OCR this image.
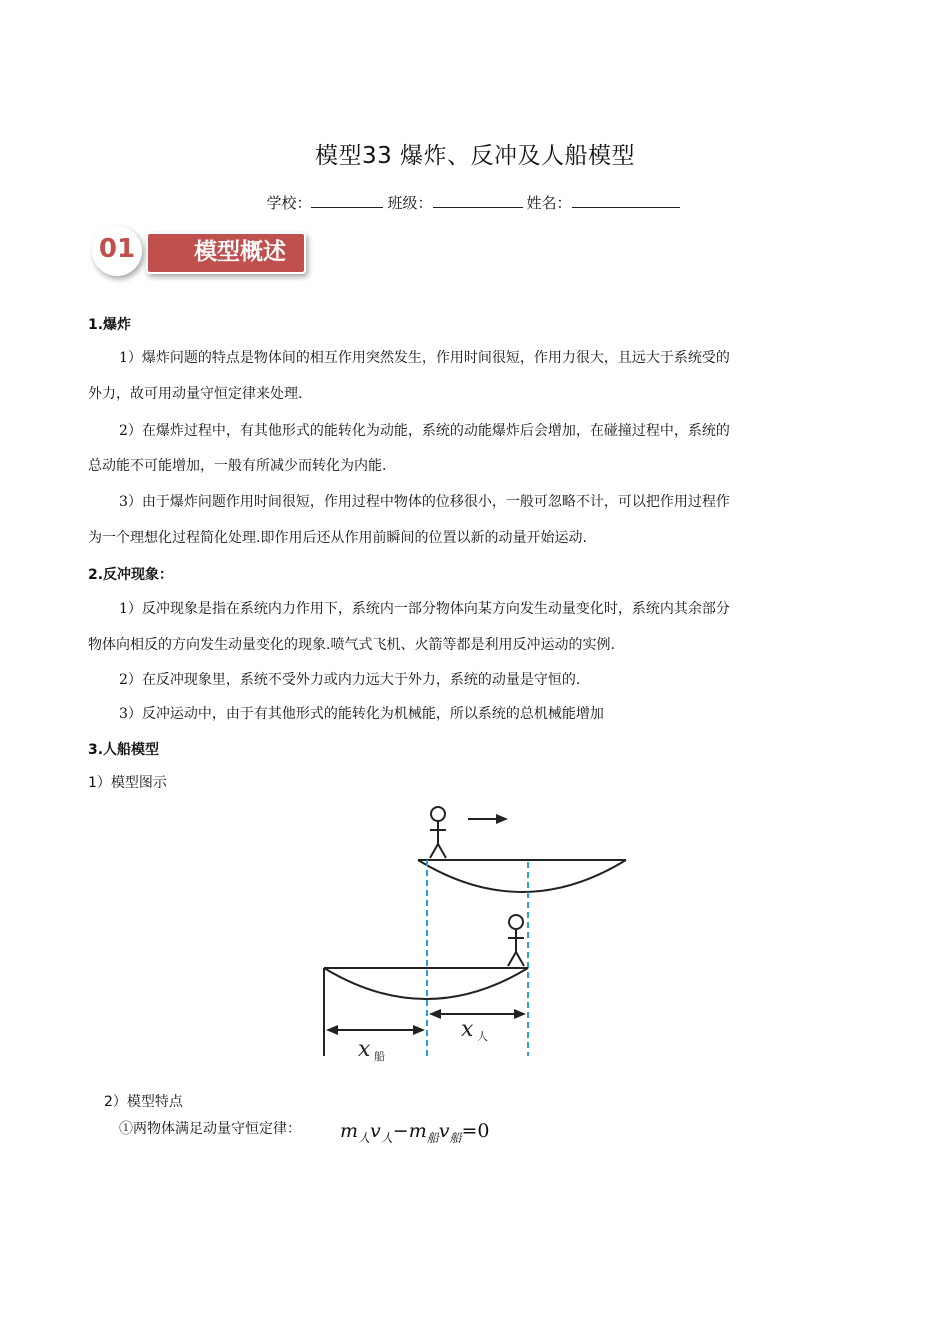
模型33 爆炸、反冲及人船模型
学校：	班级：	姓名：
模型概述
01
1.爆炸
1）爆炸问题的特点是物体间的相互作用突然发生，作用时间很短，作用力很大，且远大于系统受的
外力，故可用动量守恒定律来处理.
2）在爆炸过程中，有其他形式的能转化为动能，系统的动能爆炸后会增加，在碰撞过程中，系统的
总动能不可能增加，一般有所减少而转化为内能.
3）由于爆炸问题作用时间很短，作用过程中物体的位移很小，一般可忽略不计，可以把作用过程作
为一个理想化过程简化处理.即作用后还从作用前瞬间的位置以新的动量开始运动.
2.反冲现象：
1）反冲现象是指在系统内力作用下，系统内一部分物体向某方向发生动量变化时，系统内其余部分
物体向相反的方向发生动量变化的现象.喷气式飞机、火箭等都是利用反冲运动的实例.
2）在反冲现象里，系统不受外力或内力远大于外力，系统的动量是守恒的.
3）反冲运动中，由于有其他形式的能转化为机械能，所以系统的总机械能增加
3.人船模型
1）模型图示
x 船
x 人
2）模型特点
①两物体满足动量守恒定律： $m_人v_人-m_船v_船=0$
